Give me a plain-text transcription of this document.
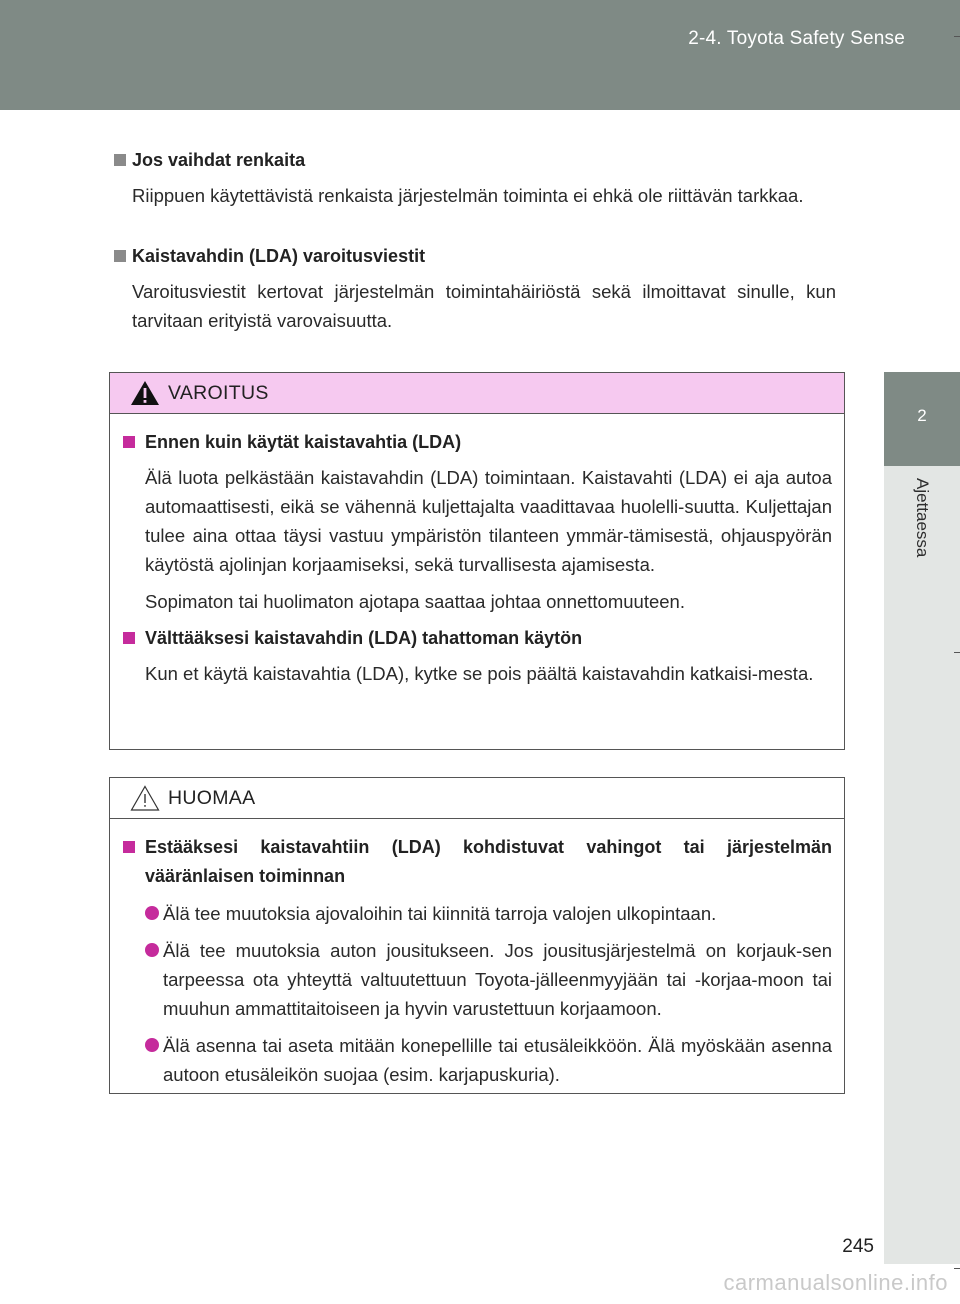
2-4. Toyota Safety Sense
2
Ajettaessa
Jos vaihdat renkaita
Riippuen käytettävistä renkaista järjestelmän toiminta ei ehkä ole riittävän tarkkaa.
Kaistavahdin (LDA) varoitusviestit
Varoitusviestit kertovat järjestelmän toimintahäiriöstä sekä ilmoittavat sinulle, kun tarvitaan erityistä varovaisuutta.
VAROITUS
Ennen kuin käytät kaistavahtia (LDA)
Älä luota pelkästään kaistavahdin (LDA) toimintaan. Kaistavahti (LDA) ei aja autoa automaattisesti, eikä se vähennä kuljettajalta vaadittavaa huolelli-suutta. Kuljettajan tulee aina ottaa täysi vastuu ympäristön tilanteen ymmär-tämisestä, ohjauspyörän käytöstä ajolinjan korjaamiseksi, sekä turvallisesta ajamisesta.
Sopimaton tai huolimaton ajotapa saattaa johtaa onnettomuuteen.
Välttääksesi kaistavahdin (LDA) tahattoman käytön
Kun et käytä kaistavahtia (LDA), kytke se pois päältä kaistavahdin katkaisi-mesta.
HUOMAA
Estääksesi kaistavahtiin (LDA) kohdistuvat vahingot tai järjestelmän vääränlaisen toiminnan
Älä tee muutoksia ajovaloihin tai kiinnitä tarroja valojen ulkopintaan.
Älä tee muutoksia auton jousitukseen. Jos jousitusjärjestelmä on korjauk-sen tarpeessa ota yhteyttä valtuutettuun Toyota-jälleenmyyjään tai -korjaa-moon tai muuhun ammattitaitoiseen ja hyvin varustettuun korjaamoon.
Älä asenna tai aseta mitään konepellille tai etusäleikköön. Älä myöskään asenna autoon etusäleikön suojaa (esim. karjapuskuria).
245
carmanualsonline.info
